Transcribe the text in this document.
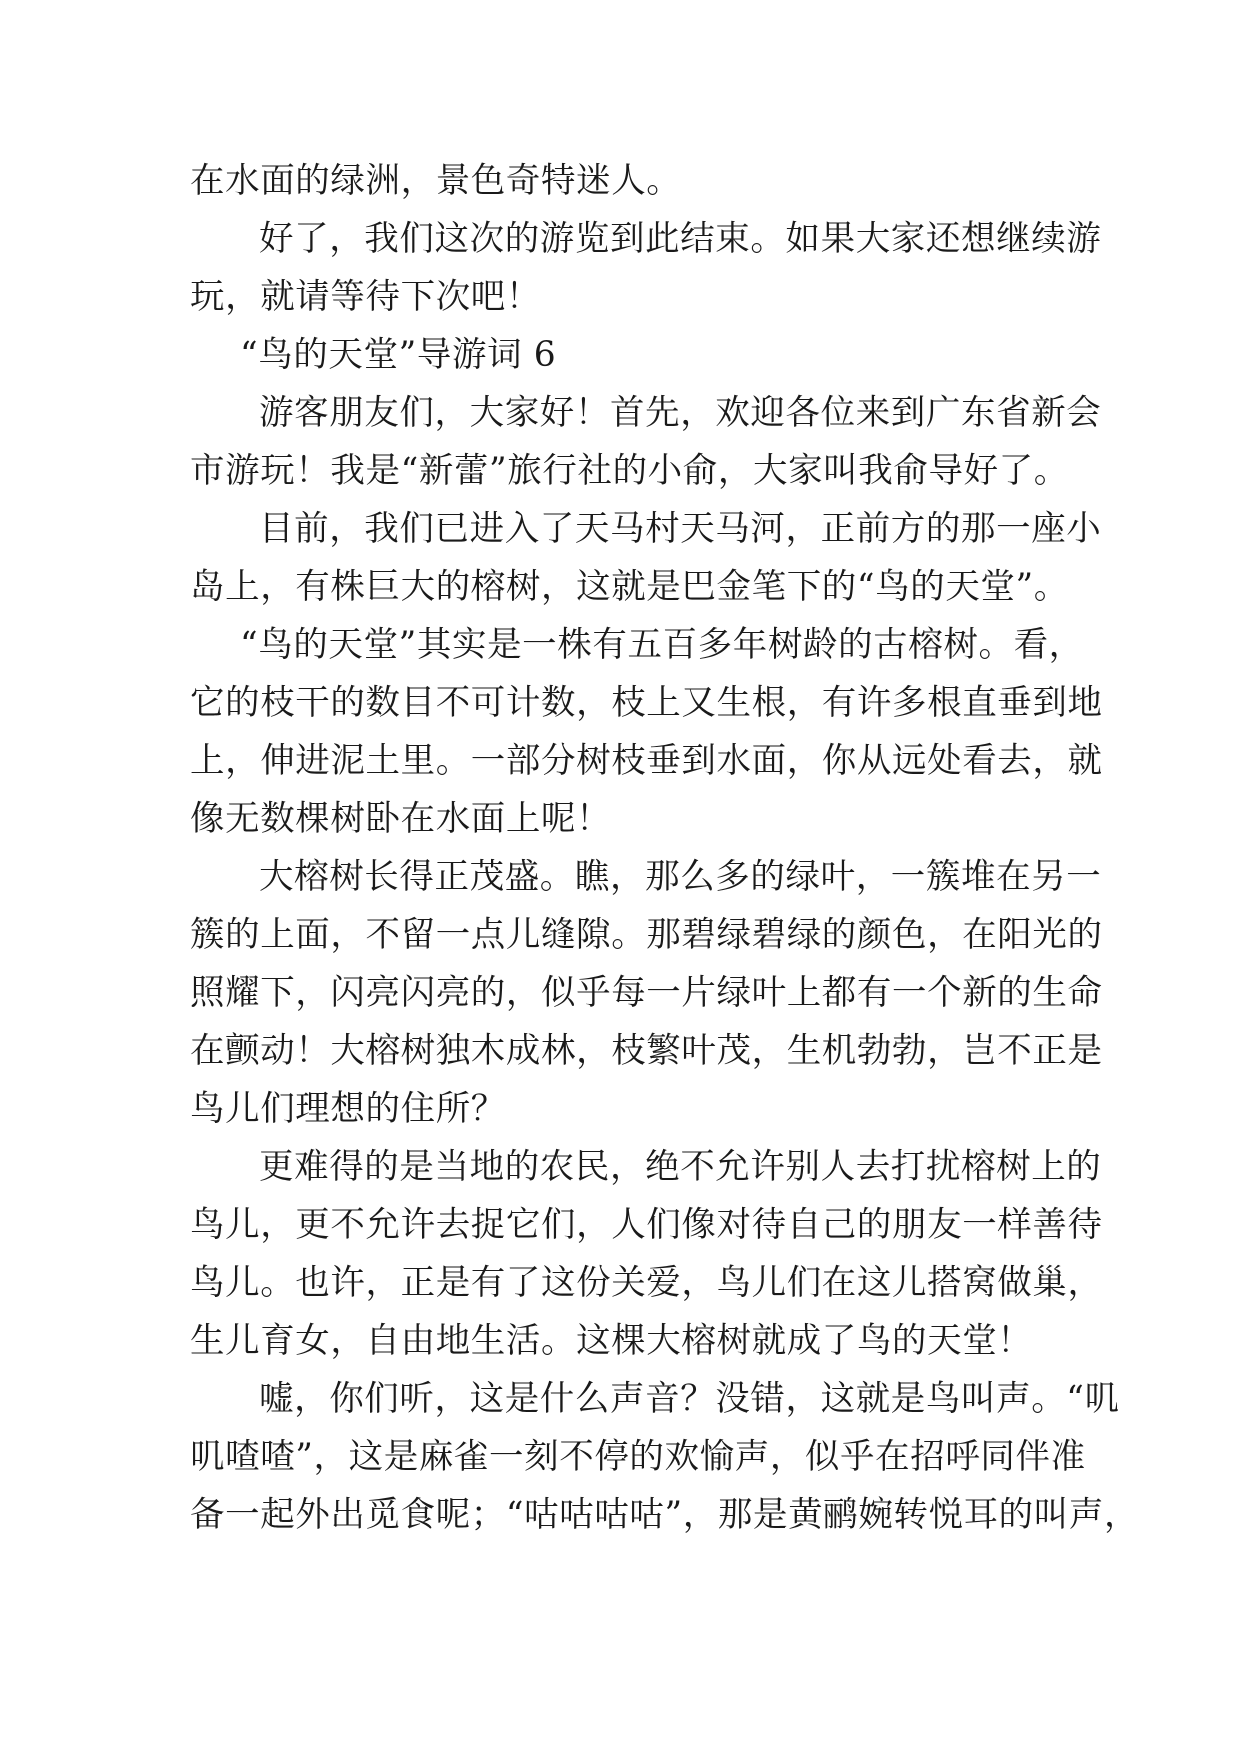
在水面的绿洲，景色奇特迷人。
好了，我们这次的游览到此结束。如果大家还想继续游
玩，就请等待下次吧！
“鸟的天堂”导游词 6
游客朋友们，大家好！首先，欢迎各位来到广东省新会
市游玩！我是“新蕾”旅行社的小俞，大家叫我俞导好了。
目前，我们已进入了天马村天马河，正前方的那一座小
岛上，有株巨大的榕树，这就是巴金笔下的“鸟的天堂”。
“鸟的天堂”其实是一株有五百多年树龄的古榕树。看，
它的枝干的数目不可计数，枝上又生根，有许多根直垂到地
上，伸进泥土里。一部分树枝垂到水面，你从远处看去，就
像无数棵树卧在水面上呢！
大榕树长得正茂盛。瞧，那么多的绿叶，一簇堆在另一
簇的上面，不留一点儿缝隙。那碧绿碧绿的颜色，在阳光的
照耀下，闪亮闪亮的，似乎每一片绿叶上都有一个新的生命
在颤动！大榕树独木成林，枝繁叶茂，生机勃勃，岂不正是
鸟儿们理想的住所？
更难得的是当地的农民，绝不允许别人去打扰榕树上的
鸟儿，更不允许去捉它们，人们像对待自己的朋友一样善待
鸟儿。也许，正是有了这份关爱，鸟儿们在这儿搭窝做巢，
生儿育女，自由地生活。这棵大榕树就成了鸟的天堂！
嘘，你们听，这是什么声音？没错，这就是鸟叫声。“叽
叽喳喳”，这是麻雀一刻不停的欢愉声，似乎在招呼同伴准
备一起外出觅食呢；“咕咕咕咕”，那是黄鹂婉转悦耳的叫声，
